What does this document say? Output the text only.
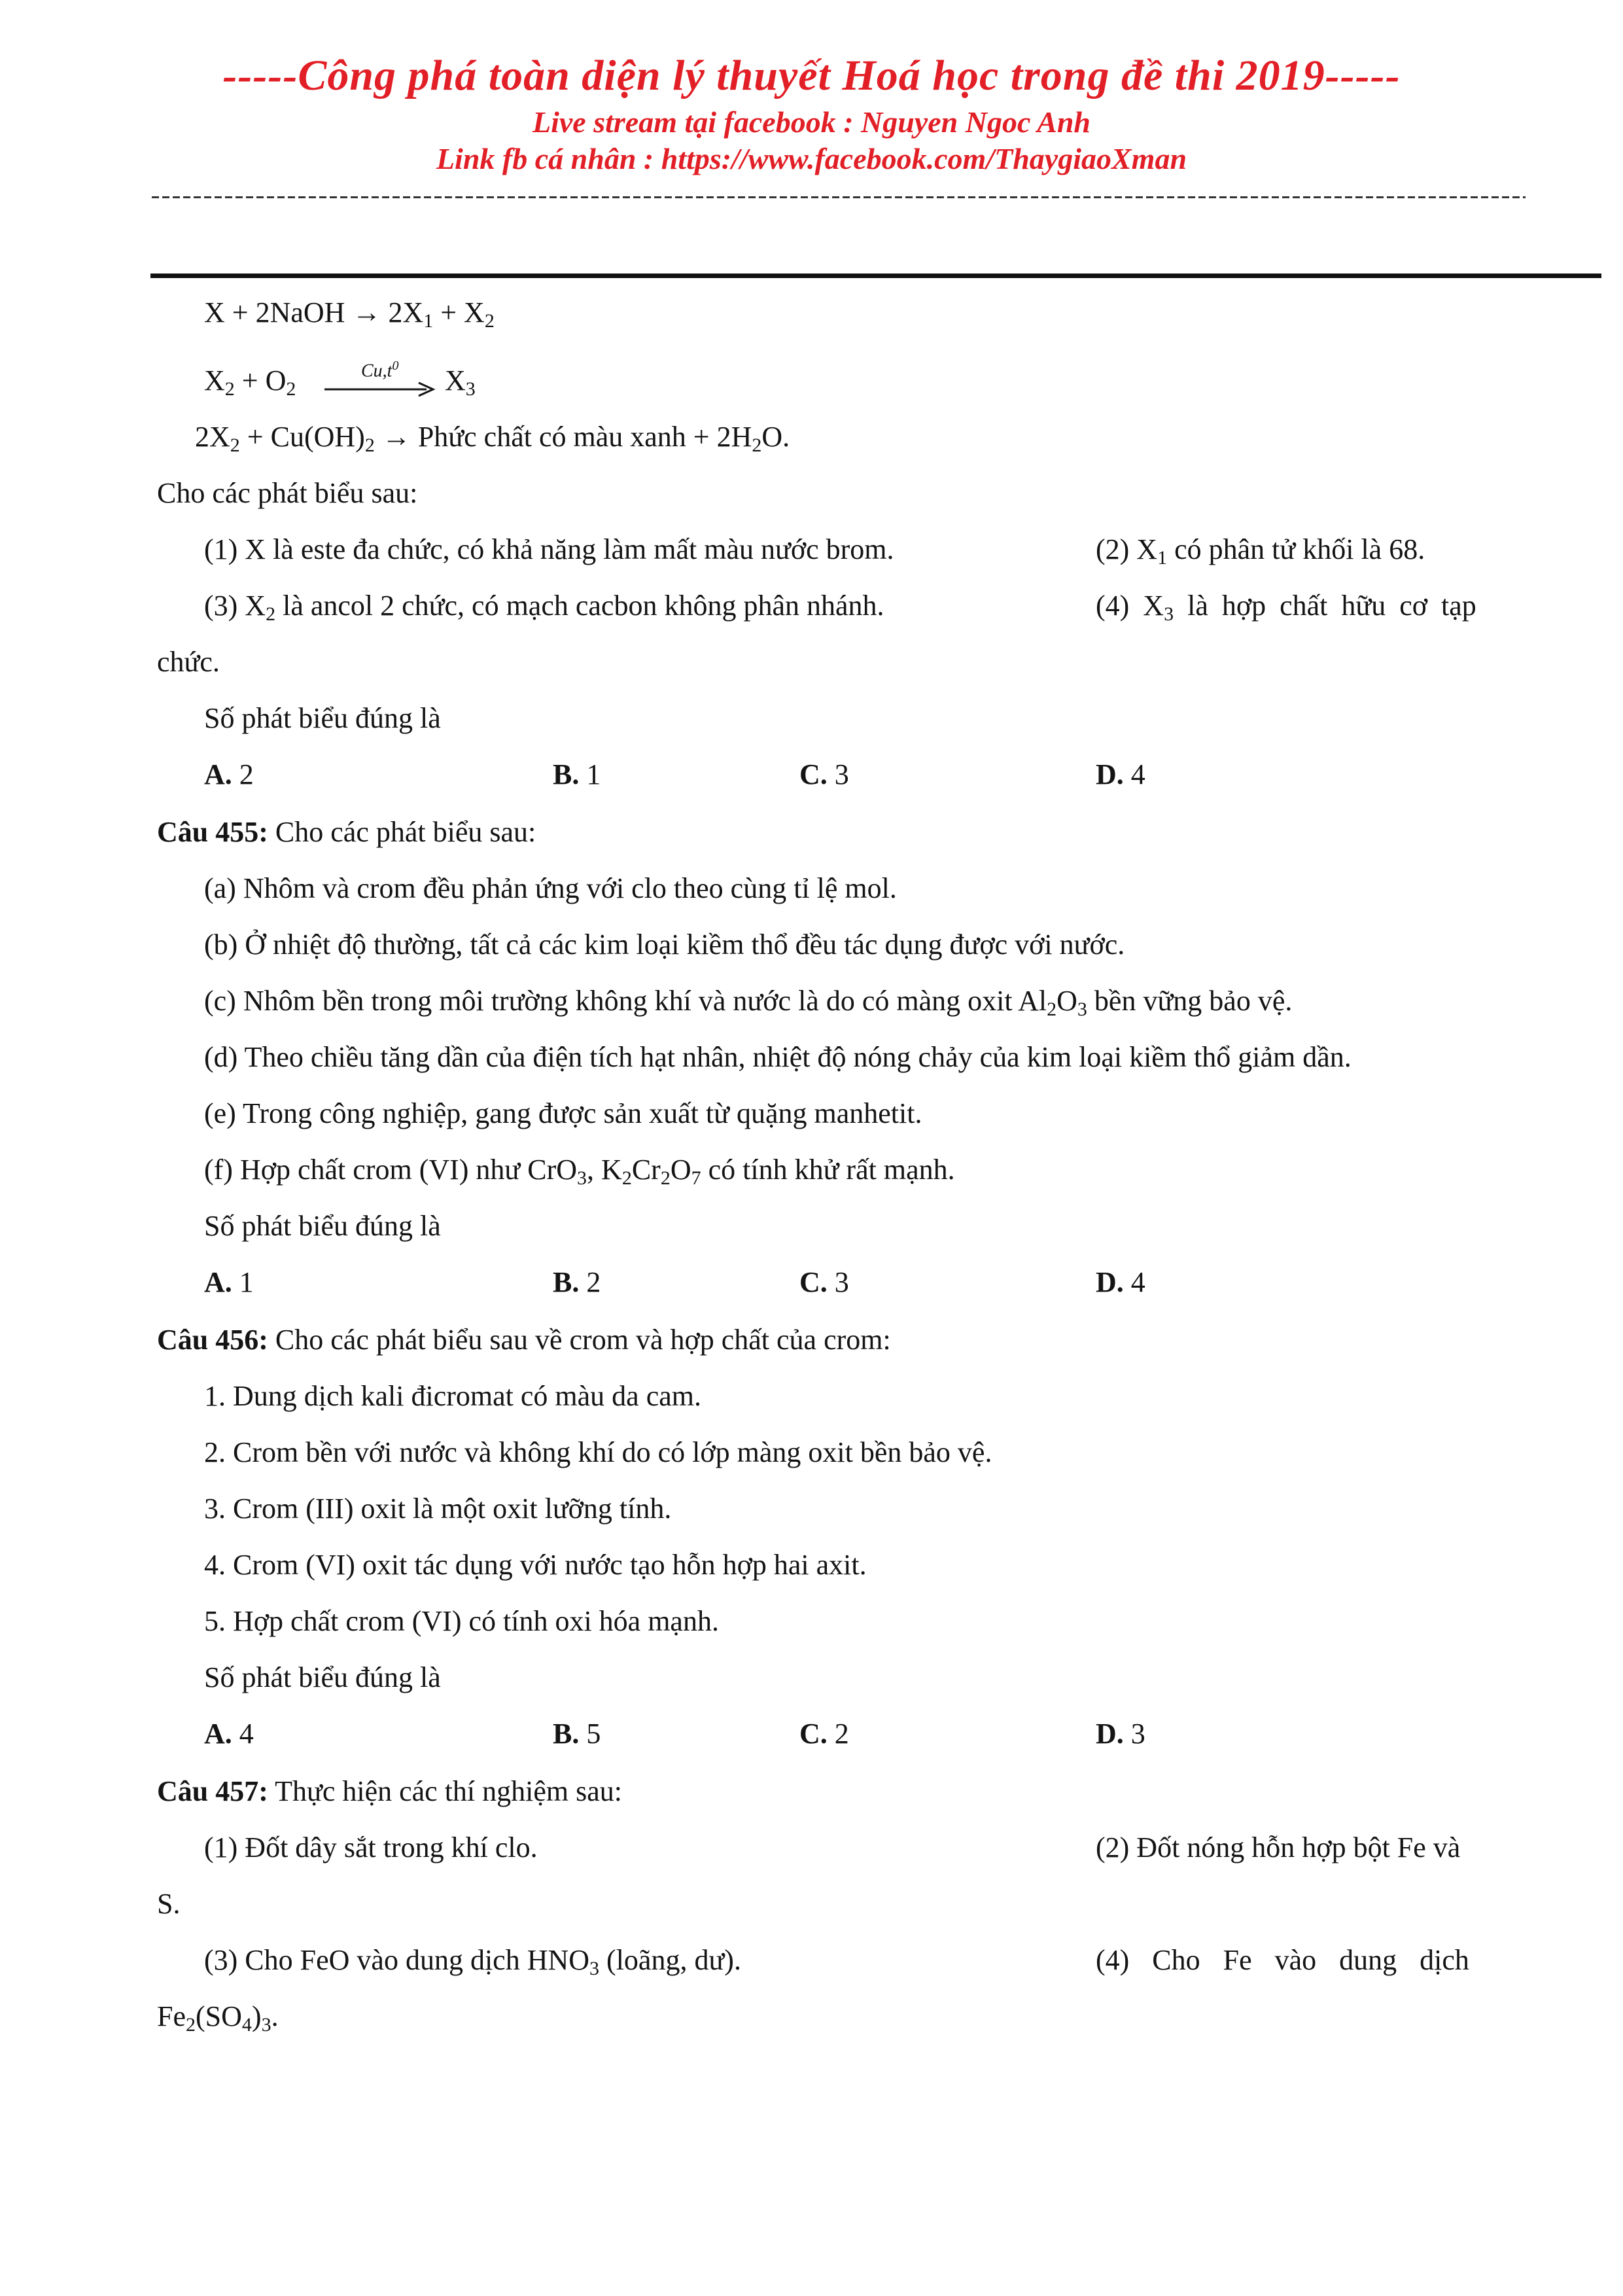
-----Công phá toàn diện lý thuyết Hoá học trong đề thi 2019-----
Live stream tại facebook : Nguyen Ngoc Anh
Link fb cá nhân : https://www.facebook.com/ThaygiaoXman
X + 2NaOH → $2X_1 + X_2$
$X_2 + O_2$
$Cu,t^0$ $X_3$
$2X_2 + Cu(OH)_2$ → Phức chất có màu xanh + $2H_2O$.
Cho các phát biểu sau:
(1) X là este đa chức, có khả năng làm mất màu nước brom.	(2) $X_1$ có phân tử khối là 68.
(3) $X_2$ là ancol 2 chức, có mạch cacbon không phân nhánh.	(4) $X_3$ là hợp chất hữu cơ tạp
chức.
Số phát biểu đúng là
A. 2	B. 1	C. 3	D. 4
Câu 455: Cho các phát biểu sau:
(a) Nhôm và crom đều phản ứng với clo theo cùng tỉ lệ mol.
(b) Ở nhiệt độ thường, tất cả các kim loại kiềm thổ đều tác dụng được với nước.
(c) Nhôm bền trong môi trường không khí và nước là do có màng oxit $Al_2O_3$ bền vững bảo vệ.
(d) Theo chiều tăng dần của điện tích hạt nhân, nhiệt độ nóng chảy của kim loại kiềm thổ giảm dần.
(e) Trong công nghiệp, gang được sản xuất từ quặng manhetit.
(f) Hợp chất crom (VI) như CrO$_3$, $K_2Cr_2O_7$ có tính khử rất mạnh.
Số phát biểu đúng là
A. 1	B. 2	C. 3	D. 4
Câu 456: Cho các phát biểu sau về crom và hợp chất của crom:
1. Dung dịch kali đicromat có màu da cam.
2. Crom bền với nước và không khí do có lớp màng oxit bền bảo vệ.
3. Crom (III) oxit là một oxit lưỡng tính.
4. Crom (VI) oxit tác dụng với nước tạo hỗn hợp hai axit.
5. Hợp chất crom (VI) có tính oxi hóa mạnh.
Số phát biểu đúng là
A. 4	B. 5	C. 2	D. 3
Câu 457: Thực hiện các thí nghiệm sau:
(1) Đốt dây sắt trong khí clo.	(2) Đốt nóng hỗn hợp bột Fe và
S.
(3) Cho FeO vào dung dịch $HNO_3$ (loãng, dư).	(4) Cho Fe vào dung dịch
$Fe_2(SO_4)_3$.
